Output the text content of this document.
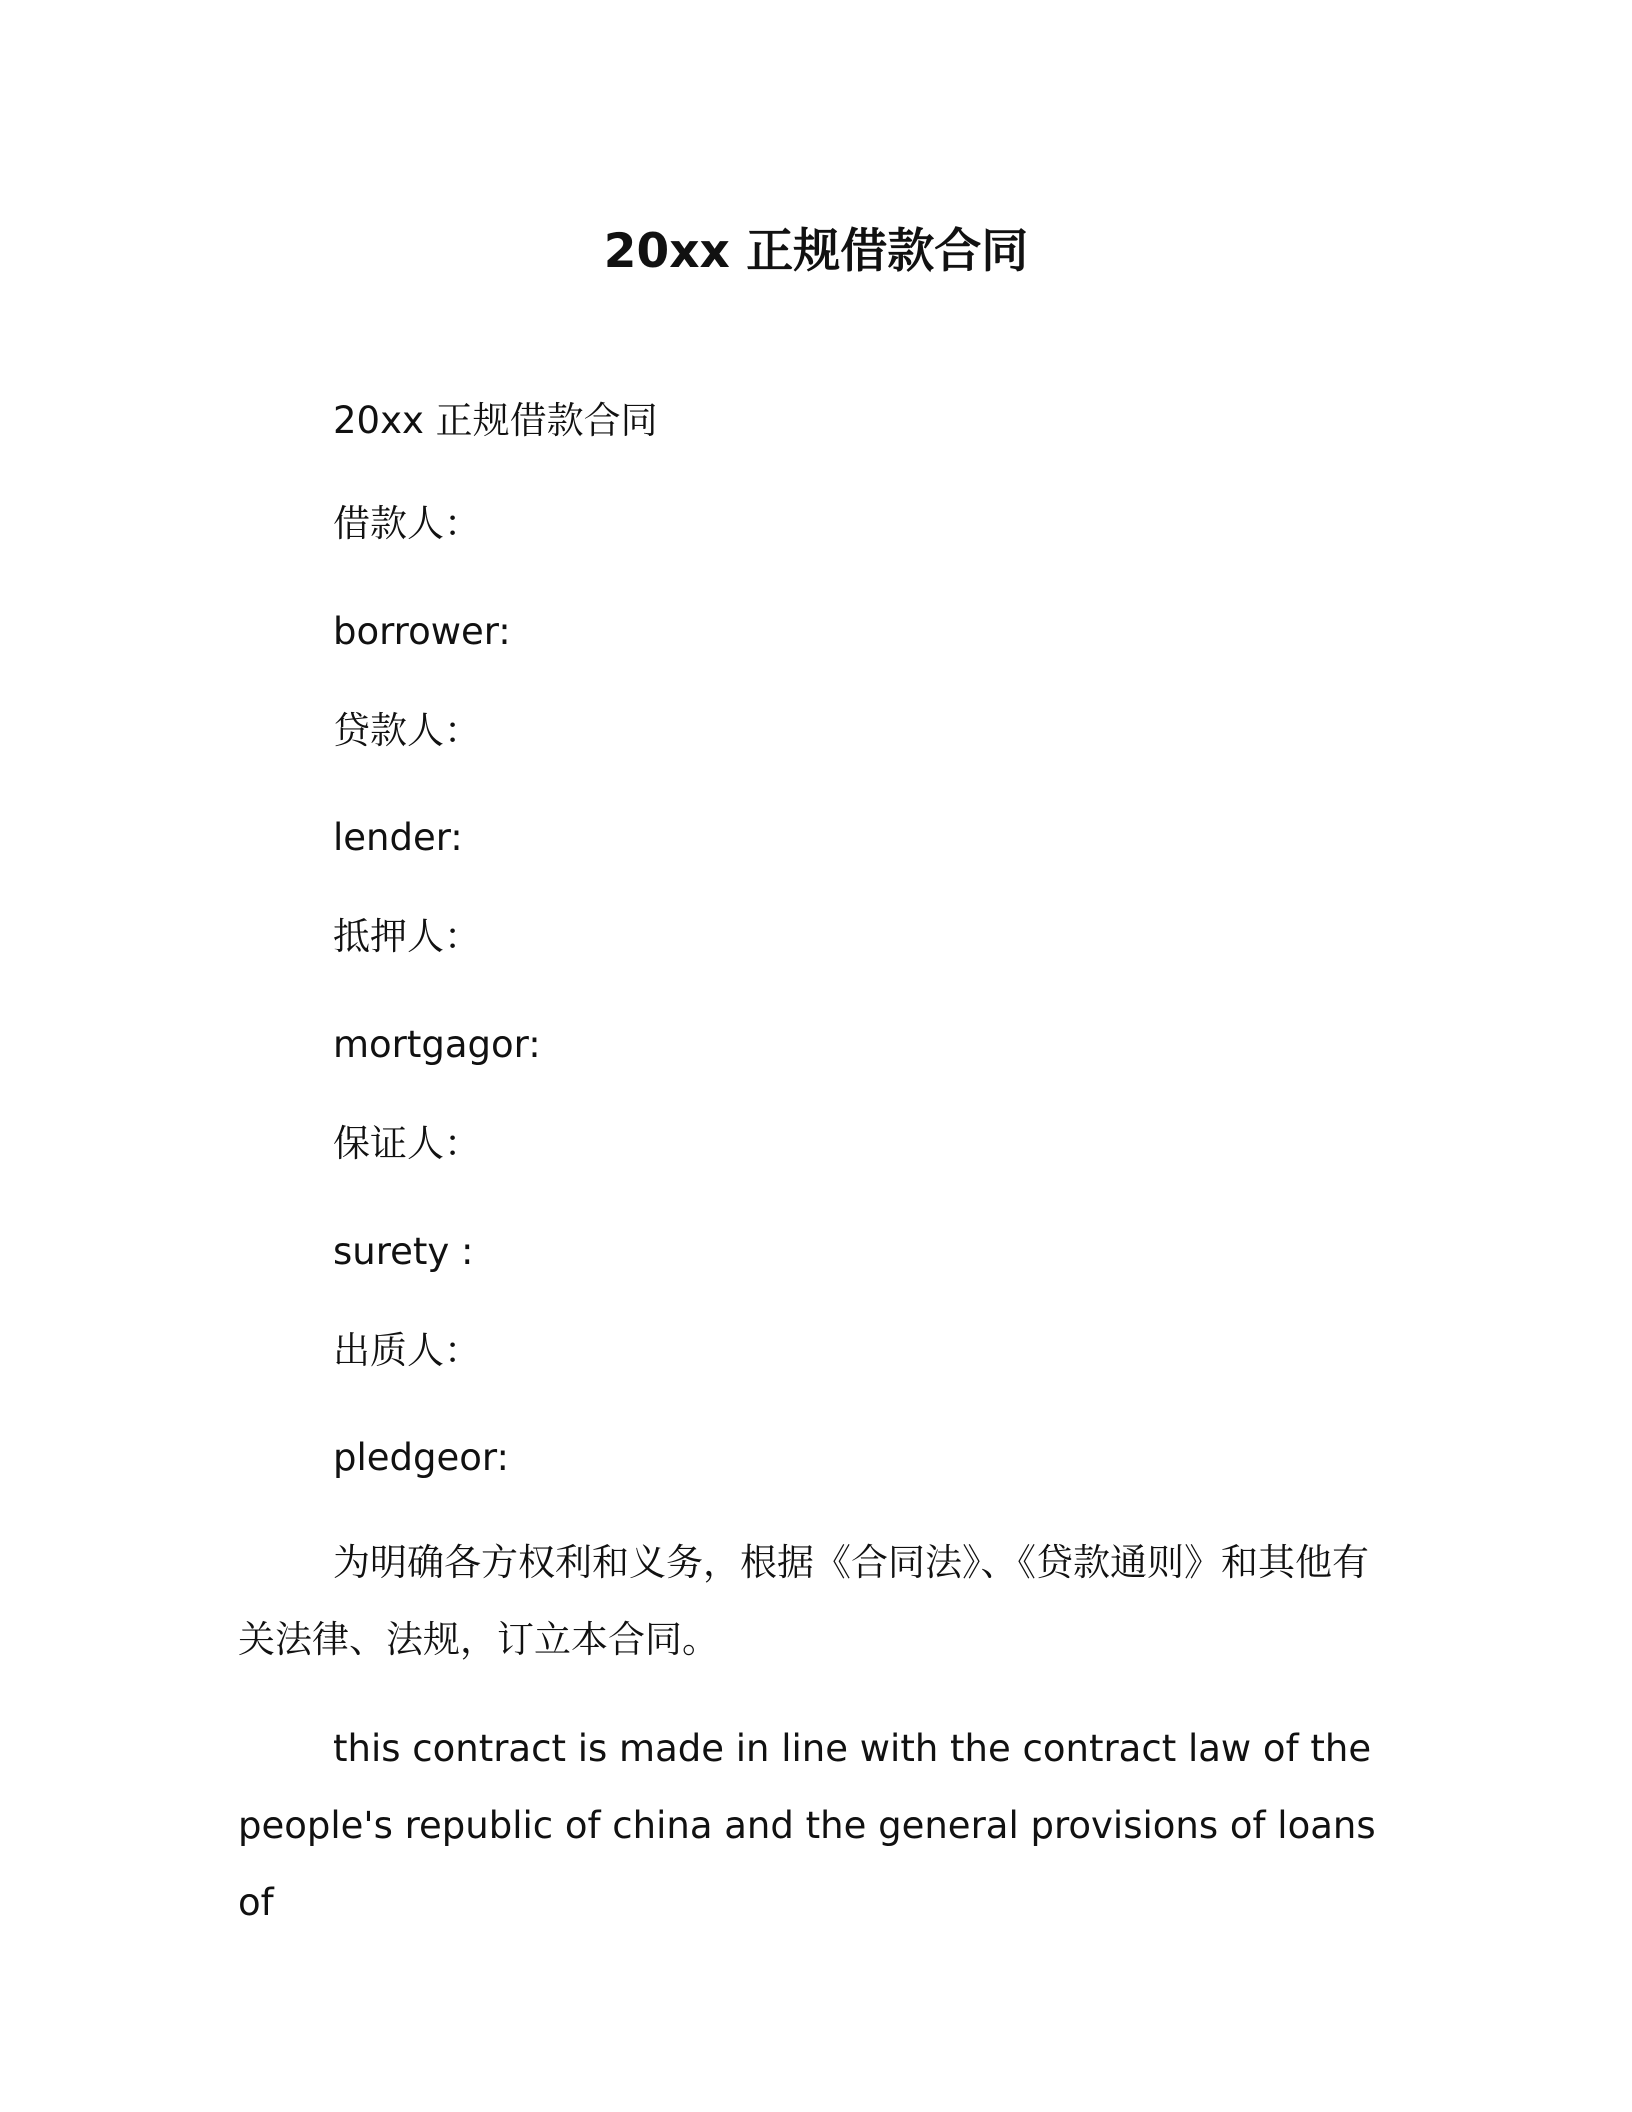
20xx 正规借款合同

20xx 正规借款合同

借款人：

borrower:

贷款人：

lender:

抵押人：

mortgagor:

保证人：

surety :

出质人：

pledgeor:

为明确各方权利和义务，根据《合同法》、《贷款通则》和其他有关法律、法规，订立本合同。

this contract is made in line with the contract law of the people's republic of china and the general provisions of loans of
